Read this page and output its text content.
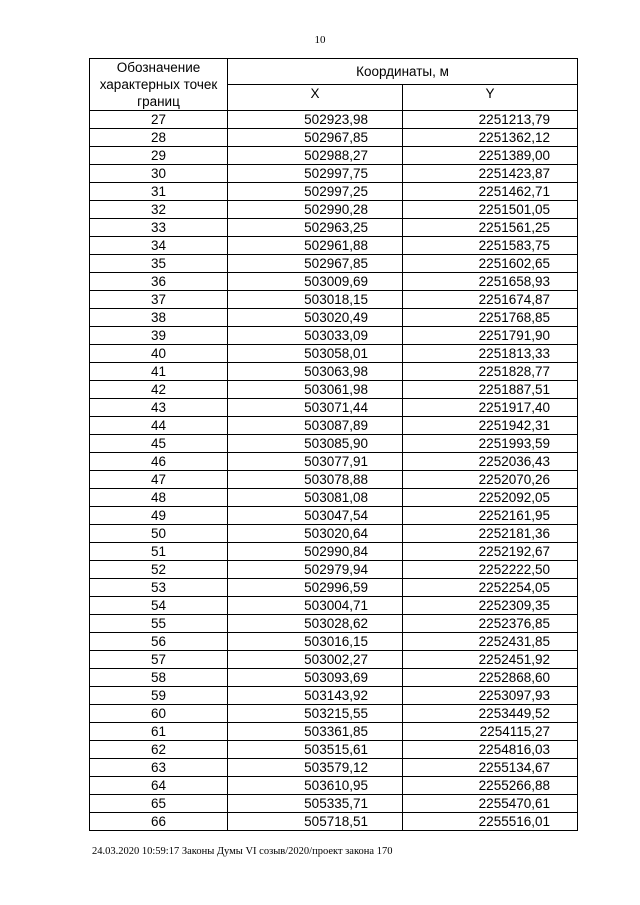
10
Обозначение характерных точек границ	Координаты, м	
	X	Y
27	502923,98	2251213,79
28	502967,85	2251362,12
29	502988,27	2251389,00
30	502997,75	2251423,87
31	502997,25	2251462,71
32	502990,28	2251501,05
33	502963,25	2251561,25
34	502961,88	2251583,75
35	502967,85	2251602,65
36	503009,69	2251658,93
37	503018,15	2251674,87
38	503020,49	2251768,85
39	503033,09	2251791,90
40	503058,01	2251813,33
41	503063,98	2251828,77
42	503061,98	2251887,51
43	503071,44	2251917,40
44	503087,89	2251942,31
45	503085,90	2251993,59
46	503077,91	2252036,43
47	503078,88	2252070,26
48	503081,08	2252092,05
49	503047,54	2252161,95
50	503020,64	2252181,36
51	502990,84	2252192,67
52	502979,94	2252222,50
53	502996,59	2252254,05
54	503004,71	2252309,35
55	503028,62	2252376,85
56	503016,15	2252431,85
57	503002,27	2252451,92
58	503093,69	2252868,60
59	503143,92	2253097,93
60	503215,55	2253449,52
61	503361,85	2254115,27
62	503515,61	2254816,03
63	503579,12	2255134,67
64	503610,95	2255266,88
65	505335,71	2255470,61
66	505718,51	2255516,01
24.03.2020 10:59:17 Законы Думы VI созыв/2020/проект закона 170
